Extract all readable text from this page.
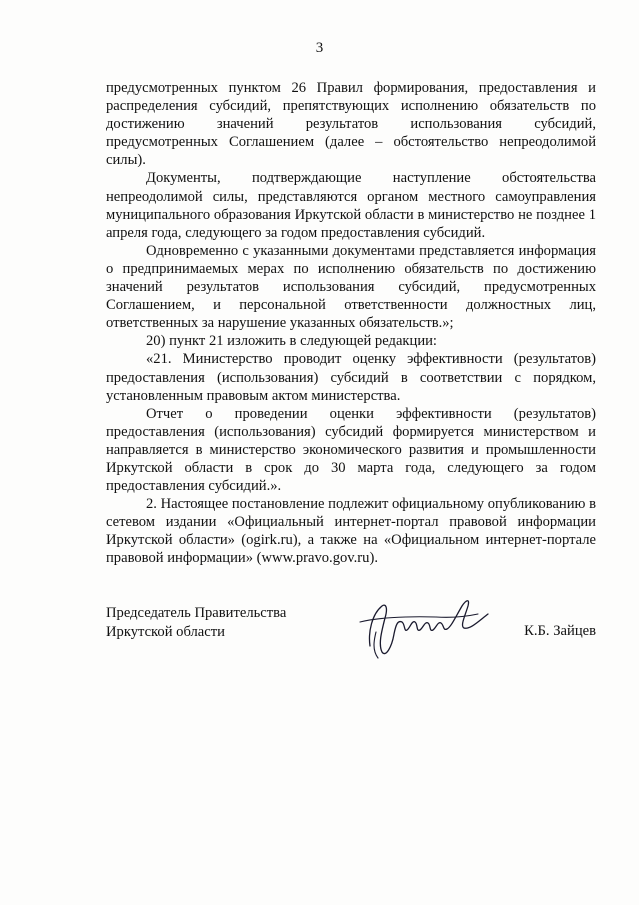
3

предусмотренных пунктом 26 Правил формирования, предоставления и распределения субсидий, препятствующих исполнению обязательств по достижению значений результатов использования субсидий, предусмотренных Соглашением (далее – обстоятельство непреодолимой силы).

Документы, подтверждающие наступление обстоятельства непреодолимой силы, представляются органом местного самоуправления муниципального образования Иркутской области в министерство не позднее 1 апреля года, следующего за годом предоставления субсидий.

Одновременно с указанными документами представляется информация о предпринимаемых мерах по исполнению обязательств по достижению значений результатов использования субсидий, предусмотренных Соглашением, и персональной ответственности должностных лиц, ответственных за нарушение указанных обязательств.»;

20) пункт 21 изложить в следующей редакции:

«21. Министерство проводит оценку эффективности (результатов) предоставления (использования) субсидий в соответствии с порядком, установленным правовым актом министерства.

Отчет о проведении оценки эффективности (результатов) предоставления (использования) субсидий формируется министерством и направляется в министерство экономического развития и промышленности Иркутской области в срок до 30 марта года, следующего за годом предоставления субсидий.».

2. Настоящее постановление подлежит официальному опубликованию в сетевом издании «Официальный интернет-портал правовой информации Иркутской области» (ogirk.ru), а также на «Официальном интернет-портале правовой информации» (www.pravo.gov.ru).

Председатель Правительства
Иркутской области	К.Б. Зайцев
